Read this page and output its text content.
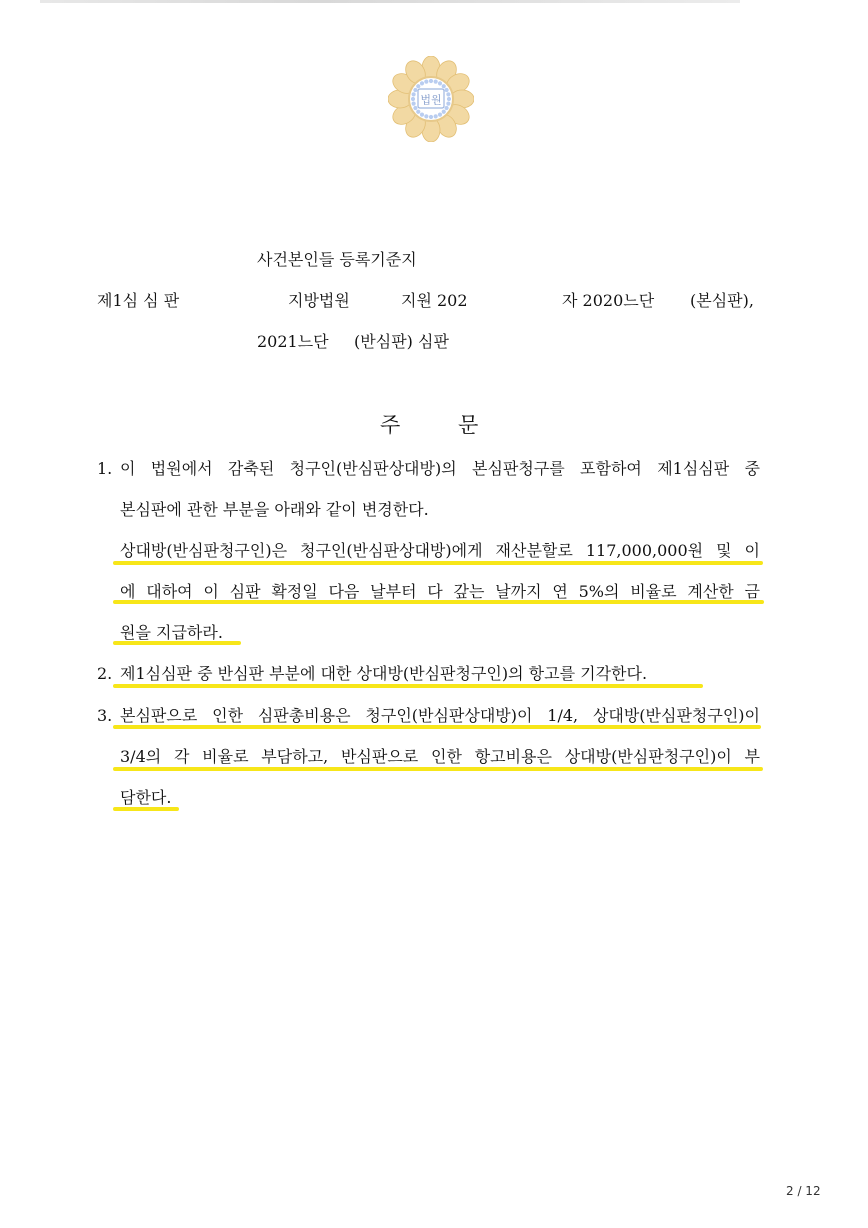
법원
사건본인들 등록기준지
제1심 심 판	지방법원	지원 202	자 2020느단 (본심판),
2021느단     (반심판) 심판
주	문
1. 이 법원에서 감축된 청구인(반심판상대방)의 본심판청구를 포함하여 제1심심판 중
본심판에 관한 부분을 아래와 같이 변경한다.
상대방(반심판청구인)은 청구인(반심판상대방)에게 재산분할로 117,000,000원 및 이
에 대하여 이 심판 확정일 다음 날부터 다 갚는 날까지 연 5%의 비율로 계산한 금
원을 지급하라.
2. 제1심심판 중 반심판 부분에 대한 상대방(반심판청구인)의 항고를 기각한다.
3. 본심판으로 인한 심판총비용은 청구인(반심판상대방)이 1/4, 상대방(반심판청구인)이
3/4의 각 비율로 부담하고, 반심판으로 인한 항고비용은 상대방(반심판청구인)이 부
담한다.
2 / 12
